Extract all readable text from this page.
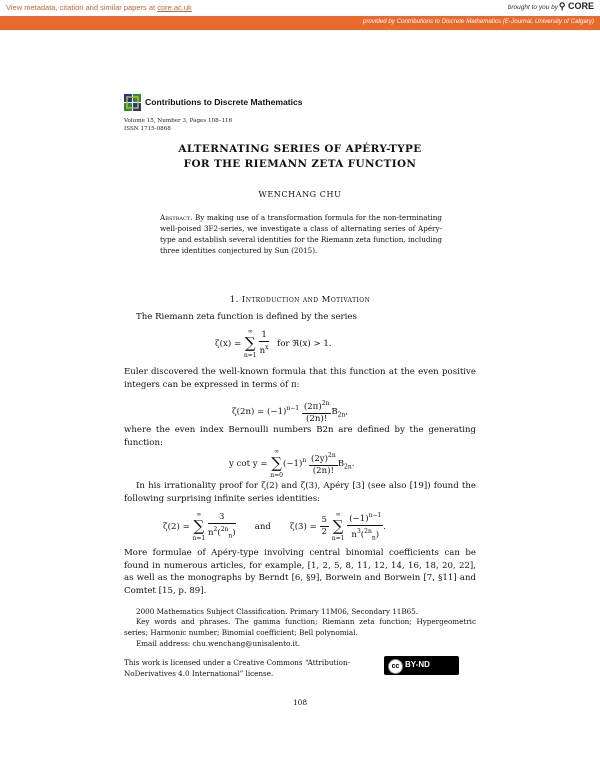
View metadata, citation and similar papers at core.ac.uk	brought to you by ⚲ CORE
provided by Contributions to Discrete Mathematics (E-Journal, University of Calgary)
Contributions to Discrete Mathematics
Volume 15, Number 3, Pages 108–116
ISSN 1715-0868
ALTERNATING SERIES OF APÉRY-TYPE
FOR THE RIEMANN ZETA FUNCTION
WENCHANG CHU
Abstract. By making use of a transformation formula for the non-terminating well-poised 3F2-series, we investigate a class of alternating series of Apéry-type and establish several identities for the Riemann zeta function, including three identities conjectured by Sun (2015).
1. Introduction and Motivation
The Riemann zeta function is defined by the series
ζ(x) =
∞
∑
n=1
$\frac{1}{n^x}$ for ℜ(x) > 1.
Euler discovered the well-known formula that this function at the even positive integers can be expressed in terms of π:
$\zeta(2n) = (-1)^{n-1} \frac{(2\pi)^{2n}}{(2n)!} B_{2n}$,
where the even index Bernoulli numbers B2n are defined by the generating function:
y cot y =
∞
∑
n=0
$(-1)^n \frac{(2y)^{2n}}{(2n)!} B_{2n}$.
In his irrationality proof for ζ(2) and ζ(3), Apéry [3] (see also [19]) found the following surprising infinite series identities:
ζ(2) =
∞
∑
n=1
$\frac{3}{n^2(^{2n}_n)}$ and $\zeta(3) = \frac{5}{2}$

∞
∑
n=1
$\frac{(-1)^{n-1}}{n^3(^{2n}_n)}$ .
More formulae of Apéry-type involving central binomial coefficients can be found in numerous articles, for example, [1, 2, 5, 8, 11, 12, 14, 16, 18, 20, 22], as well as the monographs by Berndt [6, §9], Borwein and Borwein [7, §11] and Comtet [15, p. 89].
2000 Mathematics Subject Classification. Primary 11M06, Secondary 11B65.
Key words and phrases. The gamma function; Riemann zeta function; Hypergeometric series; Harmonic number; Binomial coefficient; Bell polynomial.
Email address: chu.wenchang@unisalento.it.
This work is licensed under a Creative Commons “Attribution-NoDerivatives 4.0 International” license.
cc BY-ND
108
